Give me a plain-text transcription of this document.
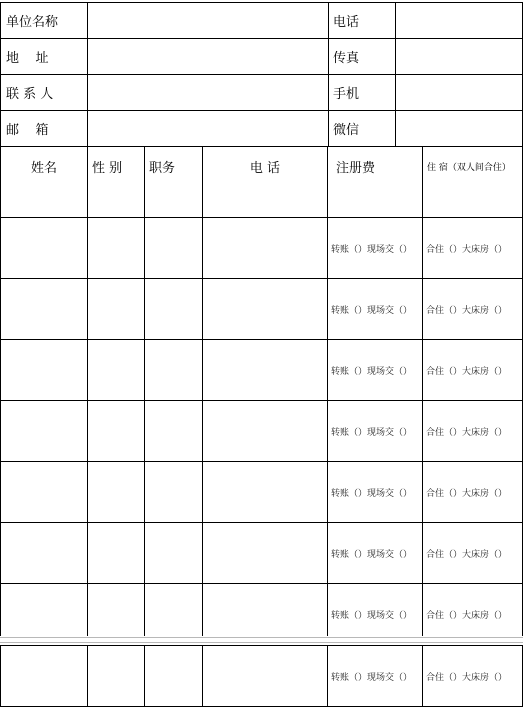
单位名称		电话	
地    址		传真	
联 系 人		手机	
邮    箱		微信	
姓名	性 别	职务	电 话	注册费	住 宿（双人间合住）
				转账（）现场交（）	合住（）大床房（）
				转账（）现场交（）	合住（）大床房（）
				转账（）现场交（）	合住（）大床房（）
				转账（）现场交（）	合住（）大床房（）
				转账（）现场交（）	合住（）大床房（）
				转账（）现场交（）	合住（）大床房（）
				转账（）现场交（）	合住（）大床房（）
				转账（）现场交（）	合住（）大床房（）
